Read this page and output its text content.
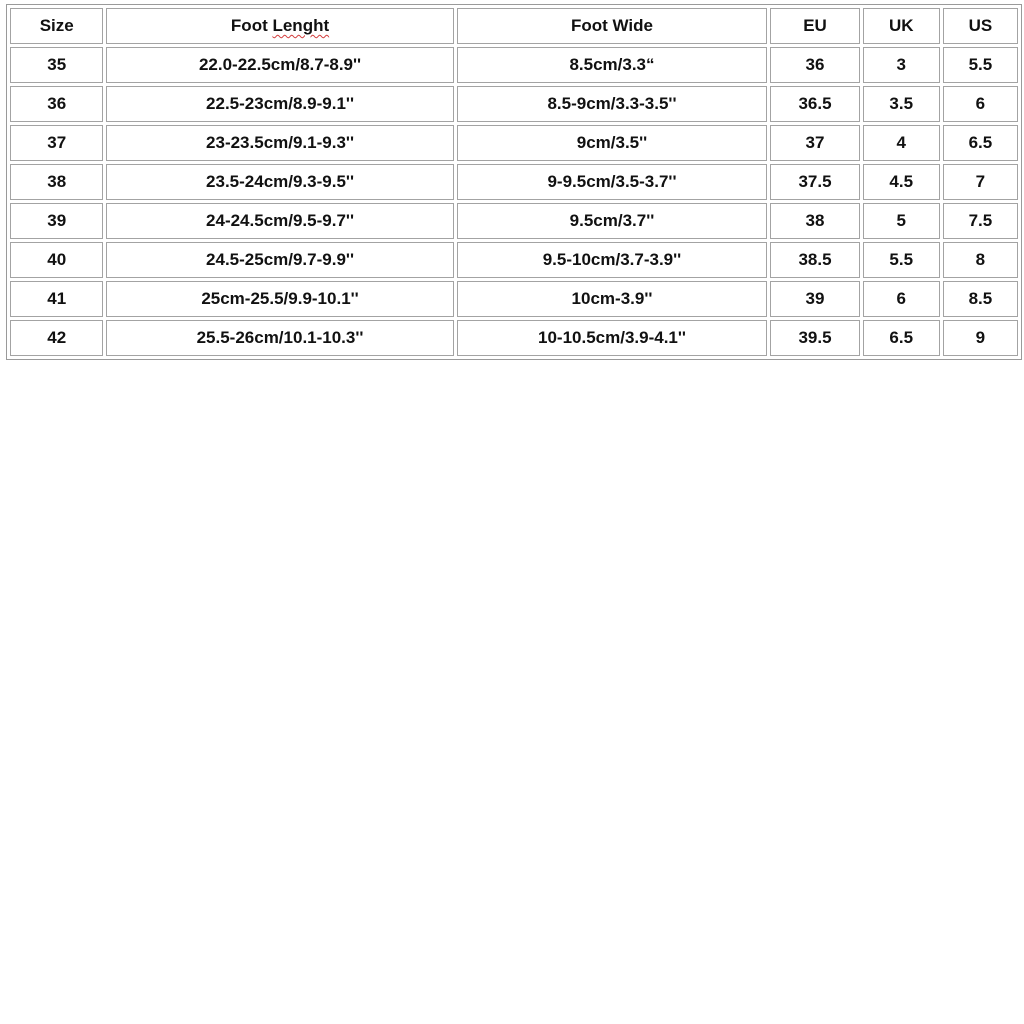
Size	Foot Lenght	Foot Wide	EU	UK	US
35	22.0-22.5cm/8.7-8.9''	8.5cm/3.3“	36	3	5.5
36	22.5-23cm/8.9-9.1''	8.5-9cm/3.3-3.5''	36.5	3.5	6
37	23-23.5cm/9.1-9.3''	9cm/3.5''	37	4	6.5
38	23.5-24cm/9.3-9.5''	9-9.5cm/3.5-3.7''	37.5	4.5	7
39	24-24.5cm/9.5-9.7''	9.5cm/3.7''	38	5	7.5
40	24.5-25cm/9.7-9.9''	9.5-10cm/3.7-3.9''	38.5	5.5	8
41	25cm-25.5/9.9-10.1''	10cm-3.9''	39	6	8.5
42	25.5-26cm/10.1-10.3''	10-10.5cm/3.9-4.1''	39.5	6.5	9
